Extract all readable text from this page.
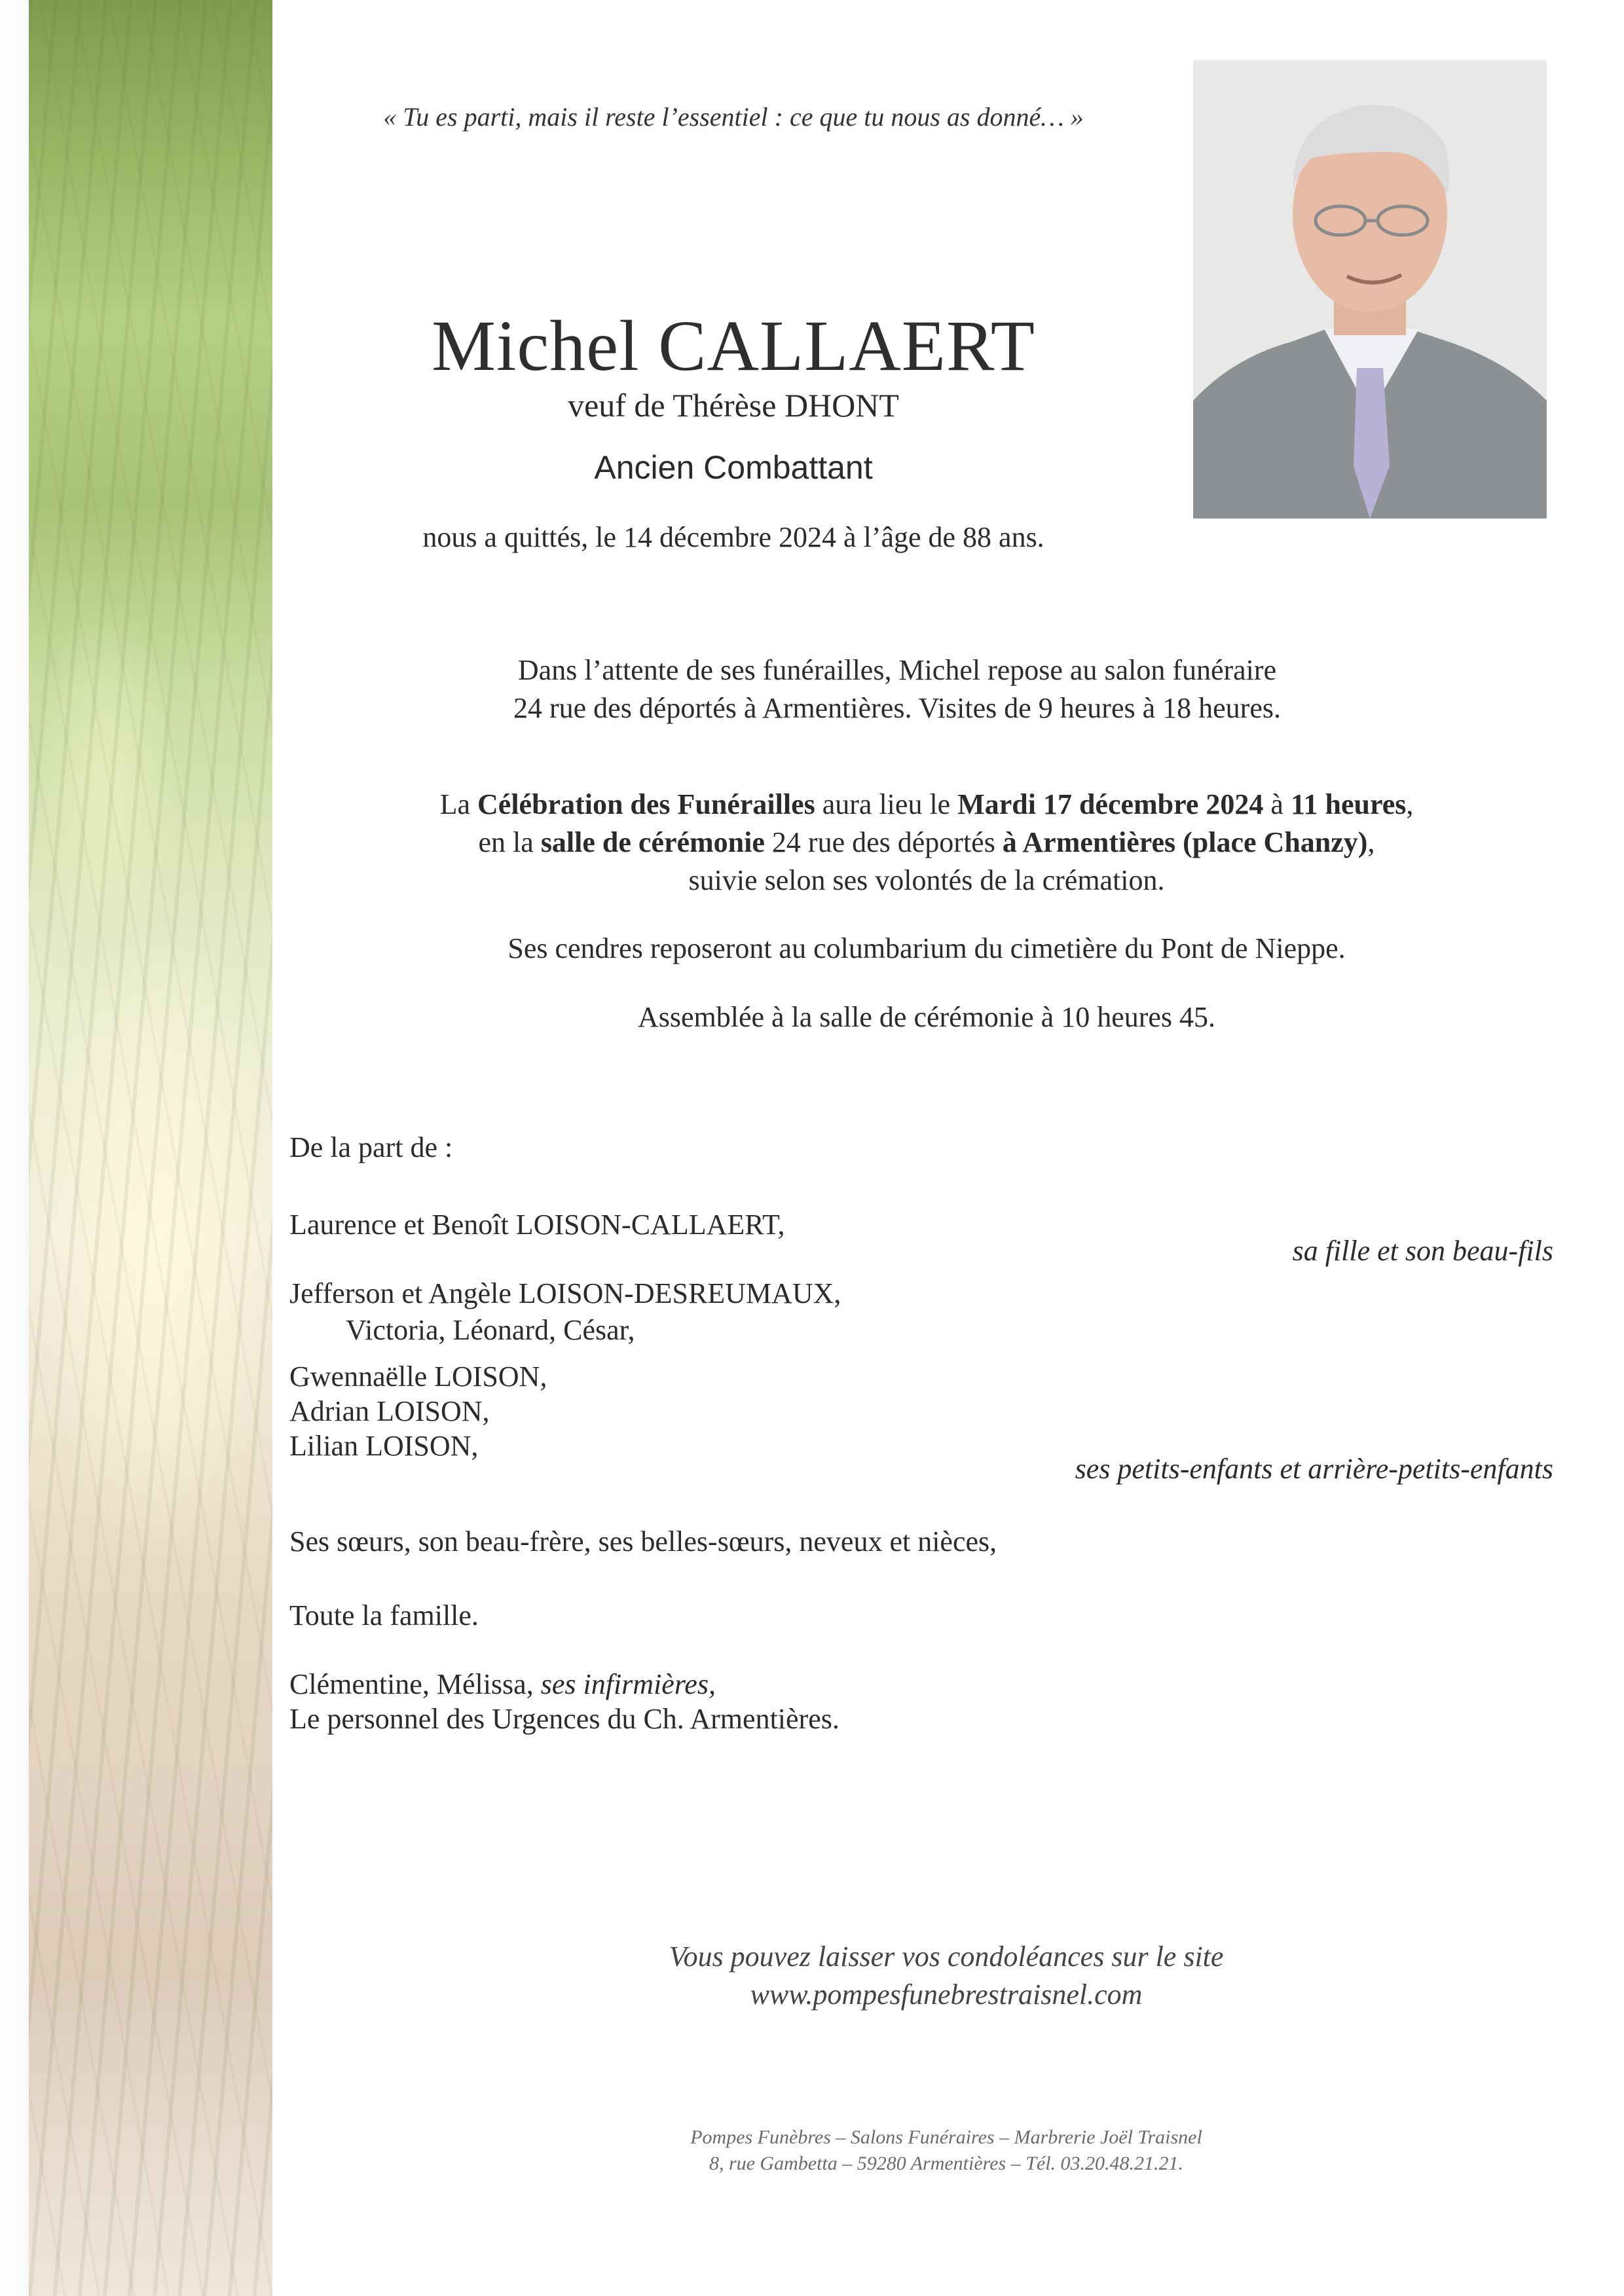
« Tu es parti, mais il reste l’essentiel : ce que tu nous as donné… »
Michel CALLAERT
veuf de Thérèse DHONT
Ancien Combattant
nous a quittés, le 14 décembre 2024 à l’âge de 88 ans.
Dans l’attente de ses funérailles, Michel repose au salon funéraire
24 rue des déportés à Armentières. Visites de 9 heures à 18 heures.
La Célébration des Funérailles aura lieu le Mardi 17 décembre 2024 à 11 heures,
en la salle de cérémonie 24 rue des déportés à Armentières (place Chanzy),
suivie selon ses volontés de la crémation.
Ses cendres reposeront au columbarium du cimetière du Pont de Nieppe.
Assemblée à la salle de cérémonie à 10 heures 45.
De la part de :
Laurence et Benoît LOISON-CALLAERT,
sa fille et son beau-fils
Jefferson et Angèle LOISON-DESREUMAUX,
Victoria, Léonard, César,
Gwennaëlle LOISON,
Adrian LOISON,
Lilian LOISON,
ses petits-enfants et arrière-petits-enfants
Ses sœurs, son beau-frère, ses belles-sœurs, neveux et nièces,
Toute la famille.
Clémentine, Mélissa, ses infirmières,
Le personnel des Urgences du Ch. Armentières.
Vous pouvez laisser vos condoléances sur le site
www.pompesfunebrestraisnel.com
Pompes Funèbres – Salons Funéraires – Marbrerie Joël Traisnel
8, rue Gambetta – 59280 Armentières – Tél. 03.20.48.21.21.
